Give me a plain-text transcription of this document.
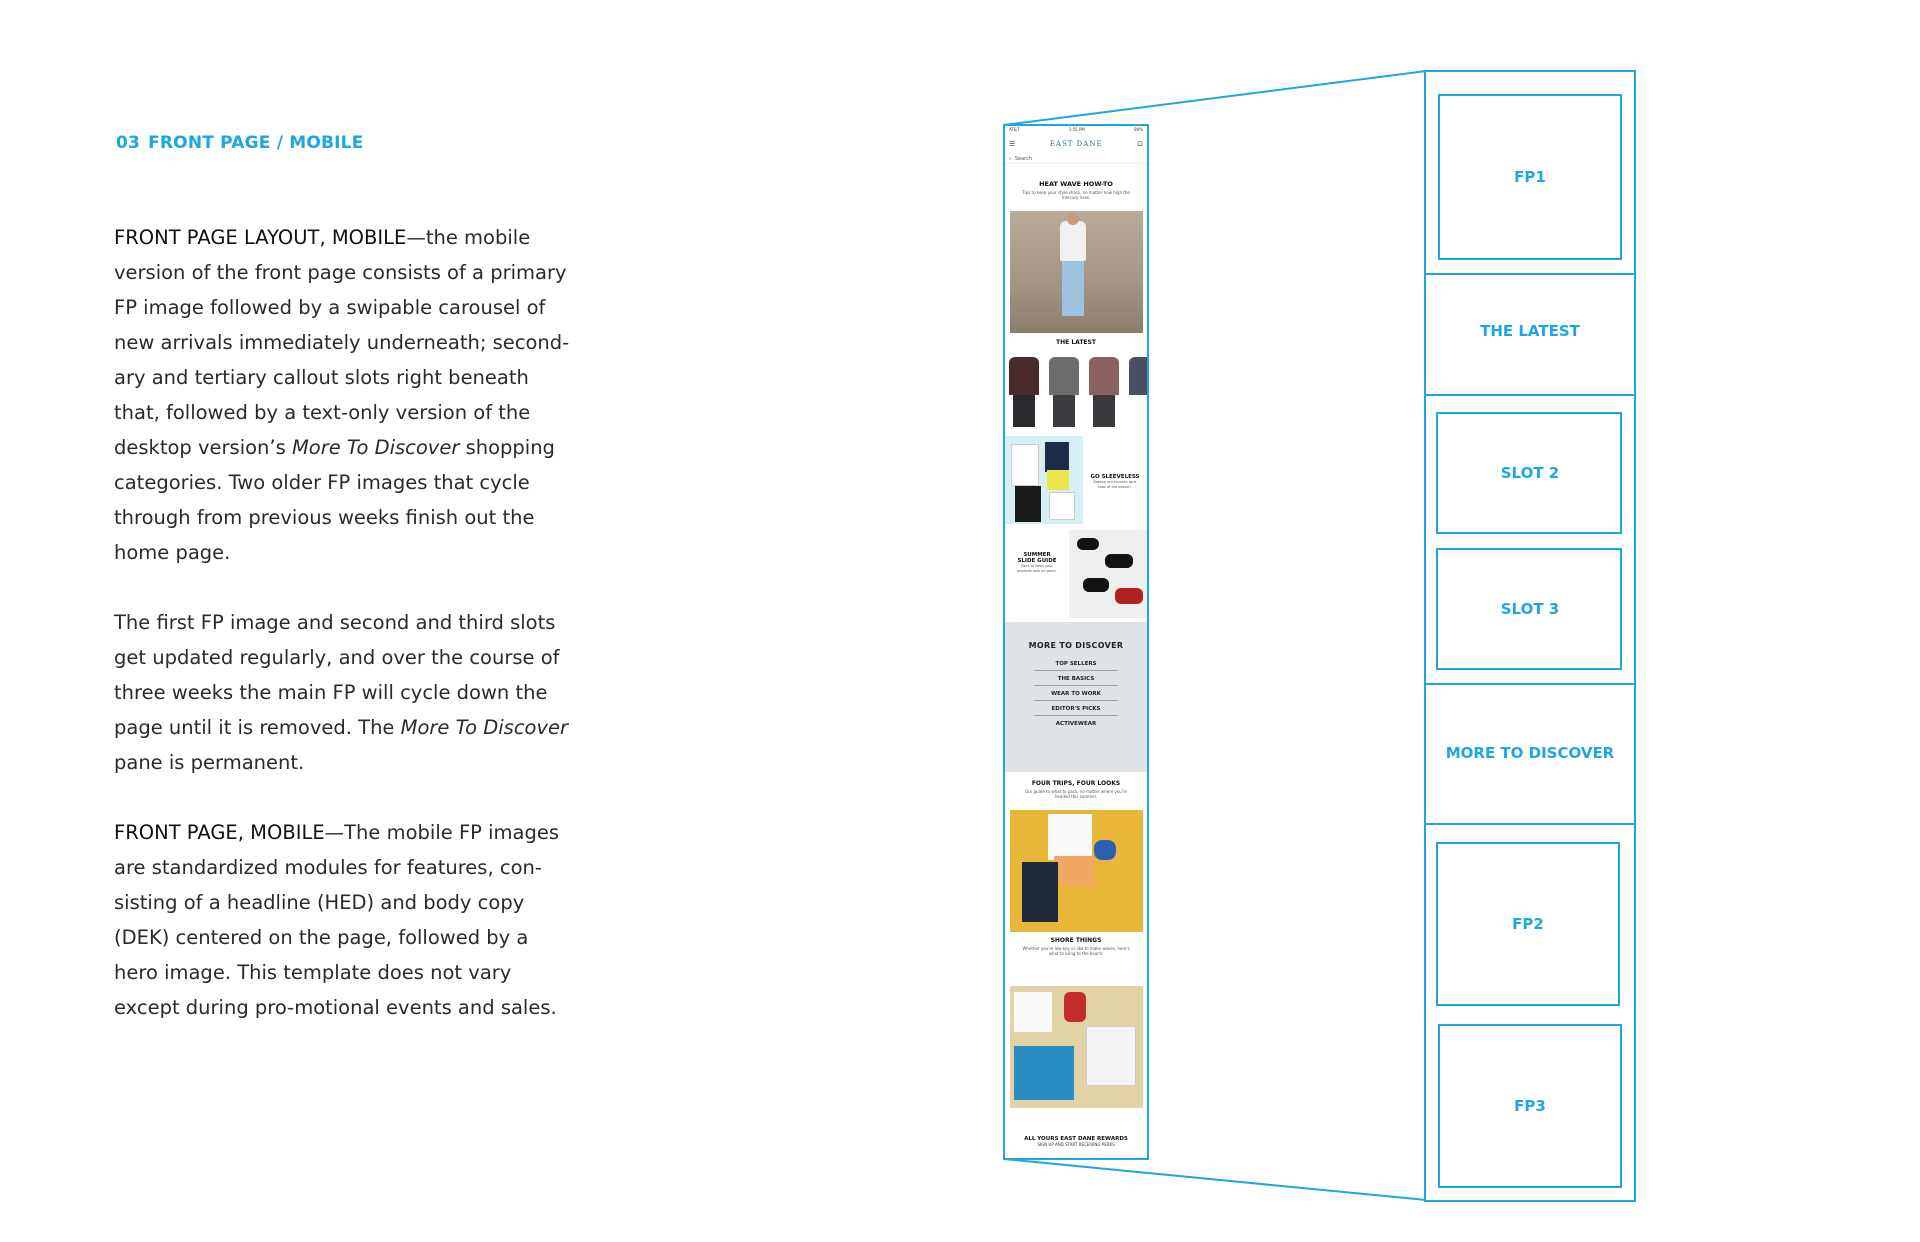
03 FRONT PAGE / MOBILE

FRONT PAGE LAYOUT, MOBILE—the mobile version of the front page consists of a primary FP image followed by a swipable carousel of new arrivals immediately underneath; second-ary and tertiary callout slots right beneath that, followed by a text-only version of the desktop version’s More To Discover shopping categories. Two older FP images that cycle through from previous weeks finish out the home page.

The first FP image and second and third slots get updated regularly, and over the course of three weeks the main FP will cycle down the page until it is removed. The More To Discover pane is permanent.

FRONT PAGE, MOBILE—The mobile FP images are standardized modules for features, con-sisting of a headline (HED) and body copy (DEK) centered on the page, followed by a hero image. This template does not vary except during pro-motional events and sales.

AT&T	1:55 PM	80%
☰	EAST DANE	⊡
⌕ Search
HEAT WAVE HOW-TO
Tips to keep your style sharp, no matter how high the mercury rises.
THE LATEST
GO SLEEVELESS
Browse our favorite tank tops of the season.
SUMMER SLIDE GUIDE
Pairs to keep your poolside look on point.
MORE TO DISCOVER
TOP SELLERS
THE BASICS
WEAR TO WORK
EDITOR'S PICKS
ACTIVEWEAR
FOUR TRIPS, FOUR LOOKS
Our guide to what to pack, no matter where you're headed this summer.
SHORE THINGS
Whether you're low-key or like to make waves, here's what to bring to the beach.
ALL YOURS EAST DANE REWARDS
SIGN UP AND START RECEIVING PERKS
FP1
THE LATEST
SLOT 2
SLOT 3
MORE TO DISCOVER
FP2
FP3
